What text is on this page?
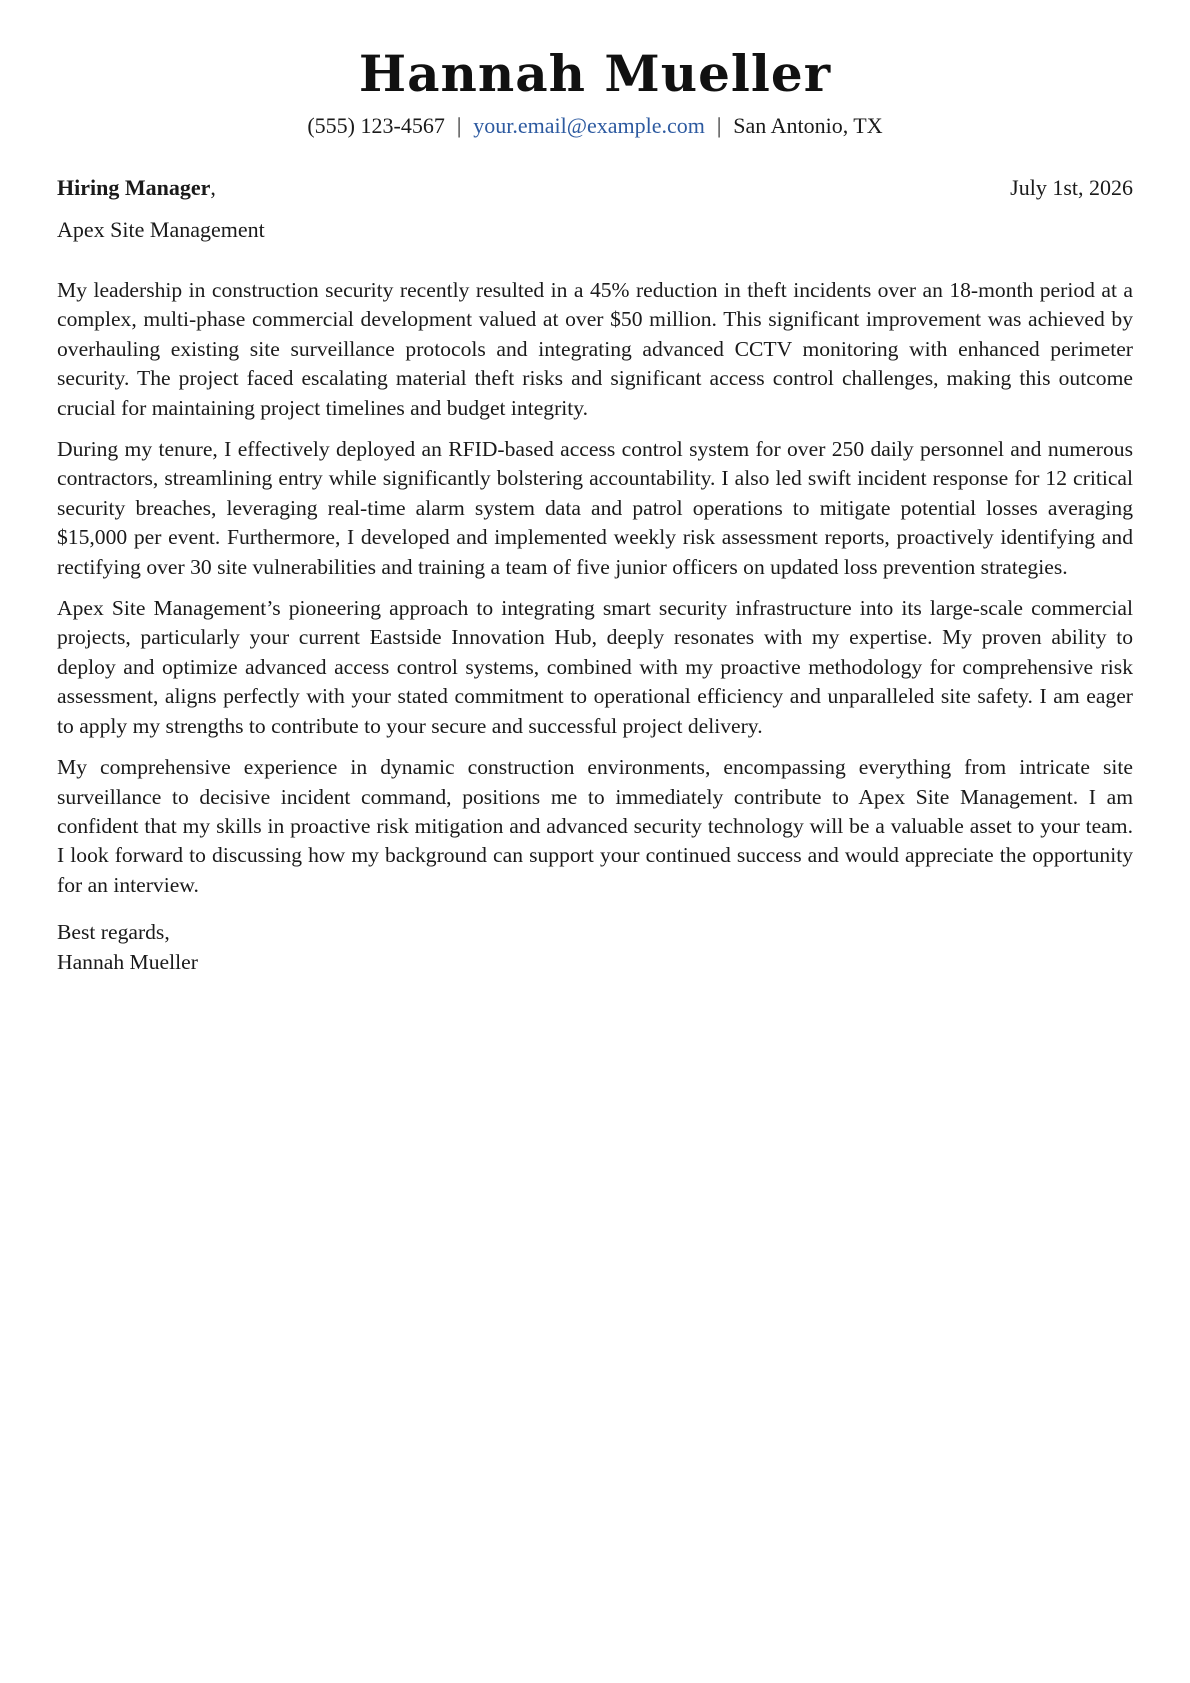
Hannah Mueller
(555) 123-4567 | your.email@example.com | San Antonio, TX
Hiring Manager,	July 1st, 2026
Apex Site Management

My leadership in construction security recently resulted in a 45% reduction in theft incidents over an 18-month period at a complex, multi-phase commercial development valued at over $50 million. This significant improvement was achieved by overhauling existing site surveillance protocols and integrating advanced CCTV monitoring with enhanced perimeter security. The project faced escalating material theft risks and significant access control challenges, making this outcome crucial for maintaining project timelines and budget integrity.

During my tenure, I effectively deployed an RFID-based access control system for over 250 daily personnel and numerous contractors, streamlining entry while significantly bolstering accountability. I also led swift incident response for 12 critical security breaches, leveraging real-time alarm system data and patrol operations to mitigate potential losses averaging $15,000 per event. Furthermore, I developed and implemented weekly risk assessment reports, proactively identifying and rectifying over 30 site vulnerabilities and training a team of five junior officers on updated loss prevention strategies.

Apex Site Management’s pioneering approach to integrating smart security infrastructure into its large-scale commercial projects, particularly your current Eastside Innovation Hub, deeply resonates with my expertise. My proven ability to deploy and optimize advanced access control systems, combined with my proactive methodology for comprehensive risk assessment, aligns perfectly with your stated commitment to operational efficiency and unparalleled site safety. I am eager to apply my strengths to contribute to your secure and successful project delivery.

My comprehensive experience in dynamic construction environments, encompassing everything from intricate site surveillance to decisive incident command, positions me to immediately contribute to Apex Site Management. I am confident that my skills in proactive risk mitigation and advanced security technology will be a valuable asset to your team. I look forward to discussing how my background can support your continued success and would appreciate the opportunity for an interview.

Best regards,
Hannah Mueller
